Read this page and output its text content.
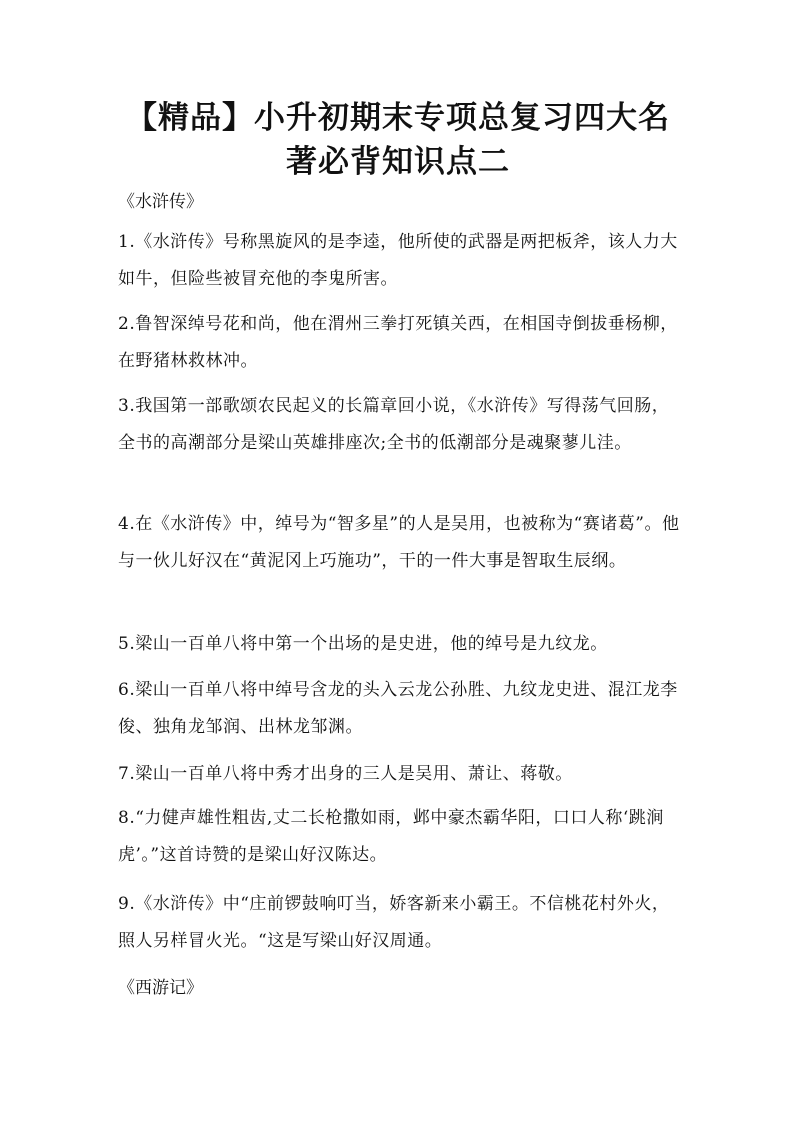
【精品】小升初期末专项总复习四大名著必背知识点二
《水浒传》
1.《水浒传》号称黑旋风的是李逵，他所使的武器是两把板斧，该人力大如牛，但险些被冒充他的李鬼所害。
2.鲁智深绰号花和尚，他在渭州三拳打死镇关西，在相国寺倒拔垂杨柳，在野猪林救林冲。
3.我国第一部歌颂农民起义的长篇章回小说，《水浒传》写得荡气回肠，全书的高潮部分是梁山英雄排座次;全书的低潮部分是魂聚蓼儿洼。
4.在《水浒传》中，绰号为“智多星”的人是吴用，也被称为“赛诸葛”。他与一伙儿好汉在“黄泥冈上巧施功”，干的一件大事是智取生辰纲。
5.梁山一百单八将中第一个出场的是史进，他的绰号是九纹龙。
6.梁山一百单八将中绰号含龙的头入云龙公孙胜、九纹龙史进、混江龙李俊、独角龙邹润、出林龙邹渊。
7.梁山一百单八将中秀才出身的三人是吴用、萧让、蒋敬。
8.“力健声雄性粗齿,丈二长枪撒如雨，邺中豪杰霸华阳，口口人称‘跳涧虎’。”这首诗赞的是梁山好汉陈达。
9.《水浒传》中“庄前锣鼓响叮当，娇客新来小霸王。不信桃花村外火，照人另样冒火光。“这是写梁山好汉周通。
《西游记》
